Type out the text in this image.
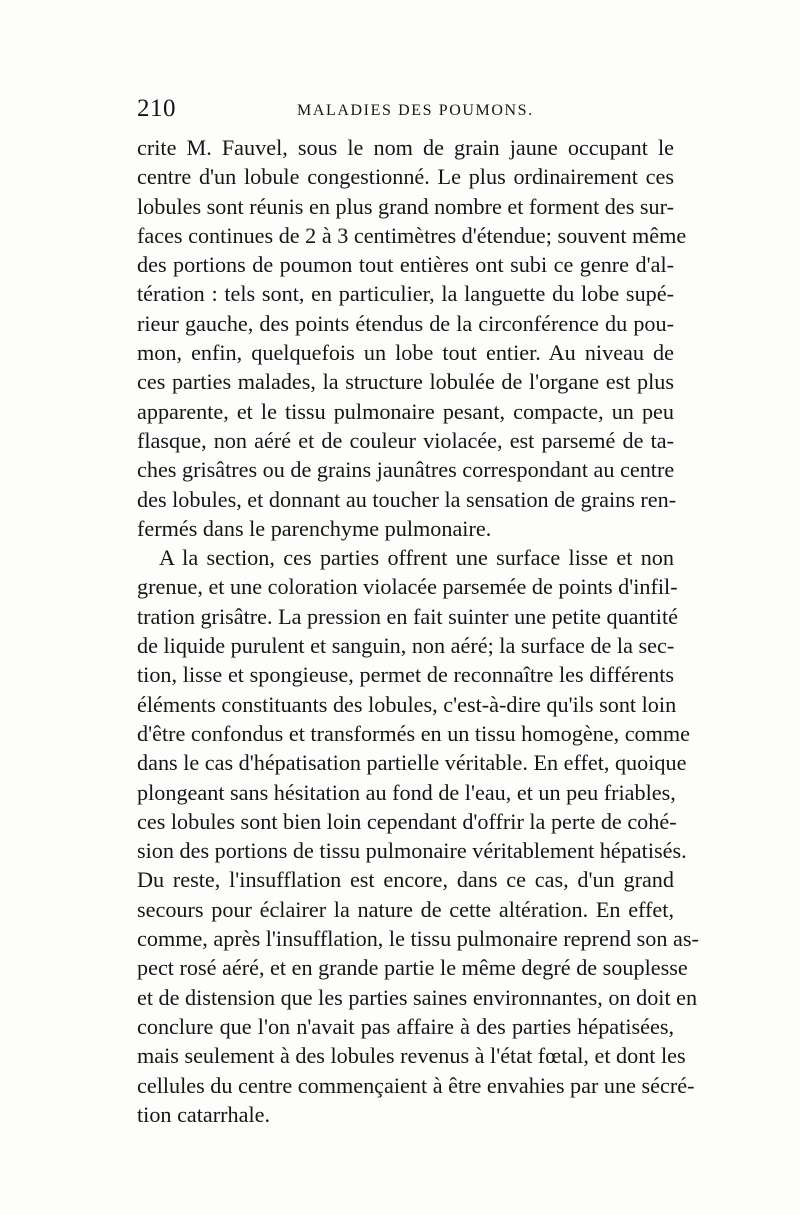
210	MALADIES DES POUMONS.
crite M. Fauvel, sous le nom de grain jaune occupant le
centre d'un lobule congestionné. Le plus ordinairement ces
lobules sont réunis en plus grand nombre et forment des sur-
faces continues de 2 à 3 centimètres d'étendue; souvent même
des portions de poumon tout entières ont subi ce genre d'al-
tération : tels sont, en particulier, la languette du lobe supé-
rieur gauche, des points étendus de la circonférence du pou-
mon, enfin, quelquefois un lobe tout entier. Au niveau de
ces parties malades, la structure lobulée de l'organe est plus
apparente, et le tissu pulmonaire pesant, compacte, un peu
flasque, non aéré et de couleur violacée, est parsemé de ta-
ches grisâtres ou de grains jaunâtres correspondant au centre
des lobules, et donnant au toucher la sensation de grains ren-
fermés dans le parenchyme pulmonaire.
A la section, ces parties offrent une surface lisse et non
grenue, et une coloration violacée parsemée de points d'infil-
tration grisâtre. La pression en fait suinter une petite quantité
de liquide purulent et sanguin, non aéré; la surface de la sec-
tion, lisse et spongieuse, permet de reconnaître les différents
éléments constituants des lobules, c'est-à-dire qu'ils sont loin
d'être confondus et transformés en un tissu homogène, comme
dans le cas d'hépatisation partielle véritable. En effet, quoique
plongeant sans hésitation au fond de l'eau, et un peu friables,
ces lobules sont bien loin cependant d'offrir la perte de cohé-
sion des portions de tissu pulmonaire véritablement hépatisés.
Du reste, l'insufflation est encore, dans ce cas, d'un grand
secours pour éclairer la nature de cette altération. En effet,
comme, après l'insufflation, le tissu pulmonaire reprend son as-
pect rosé aéré, et en grande partie le même degré de souplesse
et de distension que les parties saines environnantes, on doit en
conclure que l'on n'avait pas affaire à des parties hépatisées,
mais seulement à des lobules revenus à l'état fœtal, et dont les
cellules du centre commençaient à être envahies par une sécré-
tion catarrhale.
